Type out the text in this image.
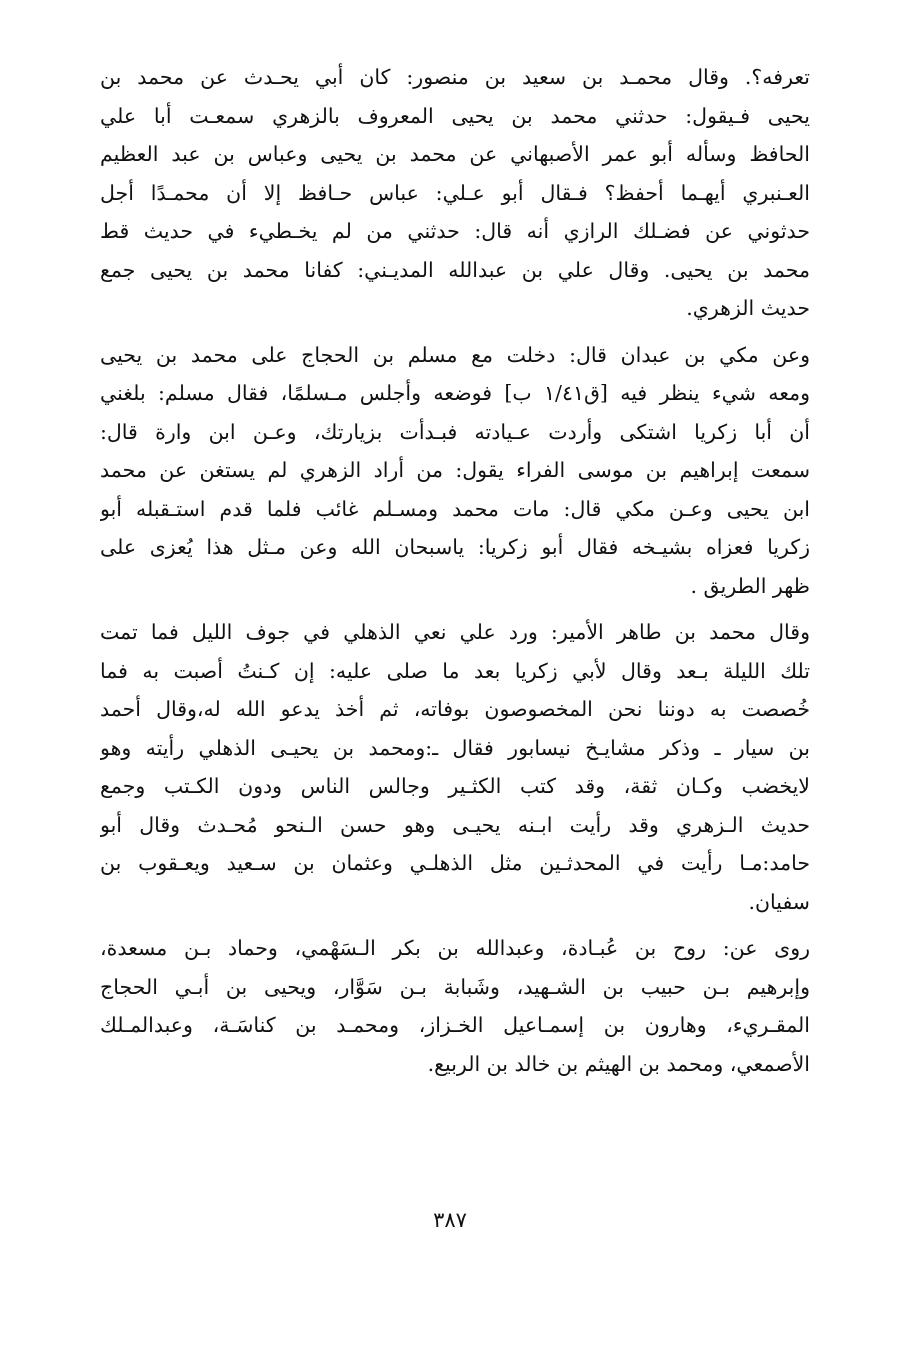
تعرفه؟. وقال محمـد بن سعيد بن منصور: كان أبي يحـدث عن محمد بن
يحيى فـيقول: حدثني محمد بن يحيى المعروف بالزهري سمعـت أبا علي
الحافظ وسأله أبو عمر الأصبهاني عن محمد بن يحيى وعباس بن عبد العظيم
العـنبري أيهـما أحفظ؟ فـقال أبو عـلي: عباس حـافظ إلا أن محمـدًا أجل
حدثوني عن فضـلك الرازي أنه قال: حدثني من لم يخـطيء في حديث قط
محمد بن يحيى. وقال علي بن عبدالله المديـني: كفانا محمد بن يحيى جمع
حديث الزهري.
وعن مكي بن عبدان قال: دخلت مع مسلم بن الحجاج على محمد بن يحيى
ومعه شيء ينظر فيه [ق١/٤١ ب] فوضعه وأجلس مـسلمًا، فقال مسلم: بلغني
أن أبا زكريا اشتكى وأردت عـيادته فبـدأت بزيارتك، وعـن ابن وارة قال:
سمعت إبراهيم بن موسى الفراء يقول: من أراد الزهري لم يستغن عن محمد
ابن يحيى وعـن مكي قال: مات محمد ومسـلم غائب فلما قدم استـقبله أبو
زكريا فعزاه بشيـخه فقال أبو زكريا: ياسبحان الله وعن مـثل هذا يُعزى على
ظهر الطريق .
وقال محمد بن طاهر الأمير: ورد علي نعي الذهلي في جوف الليل فما تمت
تلك الليلة بـعد وقال لأبي زكريا بعد ما صلى عليه: إن كـنتُ أصبت به فما
خُصصت به دوننا نحن المخصوصون بوفاته، ثم أخذ يدعو الله له،وقال أحمد
بن سيار ـ وذكر مشايـخ نيسابور فقال ـ:ومحمد بن يحيـى الذهلي رأيته وهو
لايخضب وكـان ثقة، وقد كتب الكثـير وجالس الناس ودون الكـتب وجمع
حديث الـزهري وقد رأيت ابـنه يحيـى وهو حسن الـنحو مُحـدث وقال أبو
حامد:مـا رأيت في المحدثـين مثل الذهلـي وعثمان بن سـعيد ويعـقوب بن
سفيان.
روى عن: روح بن عُبـادة، وعبدالله بن بكر الـسَهْمي، وحماد بـن مسعدة،
وإبرهيم بـن حبيب بن الشـهيد، وشَبابة بـن سَوَّار، ويحيى بن أبـي الحجاج
المقـريء، وهارون بن إسمـاعيل الخـزاز، ومحمـد بن كناسَـة، وعبدالمـلك
الأصمعي، ومحمد بن الهيثم بن خالد بن الربيع.
٣٨٧
